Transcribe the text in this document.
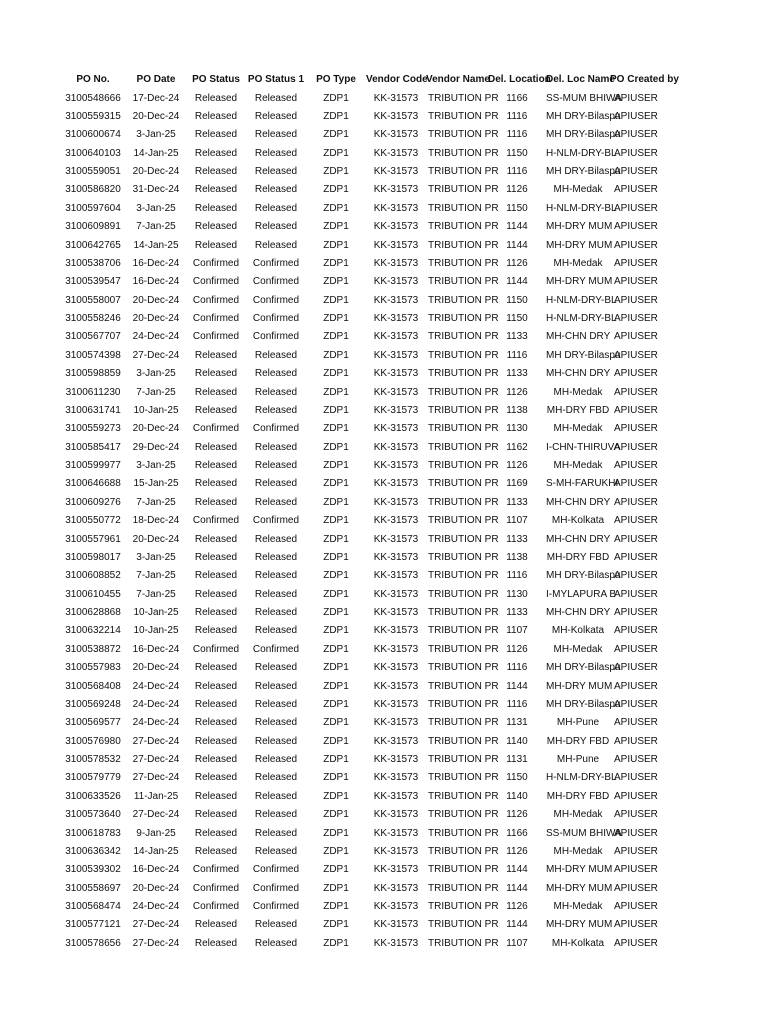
PO No.	PO Date	PO Status	PO Status 1	PO Type	Vendor Code	Vendor Name	Del. Location	Del. Loc Name	PO Created by
3100548666	17-Dec-24	Released	Released	ZDP1	KK-31573	TRIBUTION PR	1166	SS-MUM BHIWA	APIUSER
3100559315	20-Dec-24	Released	Released	ZDP1	KK-31573	TRIBUTION PR	1116	MH DRY-Bilaspu	APIUSER
3100600674	3-Jan-25	Released	Released	ZDP1	KK-31573	TRIBUTION PR	1116	MH DRY-Bilaspu	APIUSER
3100640103	14-Jan-25	Released	Released	ZDP1	KK-31573	TRIBUTION PR	1150	H-NLM-DRY-BL	APIUSER
3100559051	20-Dec-24	Released	Released	ZDP1	KK-31573	TRIBUTION PR	1116	MH DRY-Bilaspu	APIUSER
3100586820	31-Dec-24	Released	Released	ZDP1	KK-31573	TRIBUTION PR	1126	MH-Medak	APIUSER
3100597604	3-Jan-25	Released	Released	ZDP1	KK-31573	TRIBUTION PR	1150	H-NLM-DRY-BL	APIUSER
3100609891	7-Jan-25	Released	Released	ZDP1	KK-31573	TRIBUTION PR	1144	MH-DRY MUM	APIUSER
3100642765	14-Jan-25	Released	Released	ZDP1	KK-31573	TRIBUTION PR	1144	MH-DRY MUM	APIUSER
3100538706	16-Dec-24	Confirmed	Confirmed	ZDP1	KK-31573	TRIBUTION PR	1126	MH-Medak	APIUSER
3100539547	16-Dec-24	Confirmed	Confirmed	ZDP1	KK-31573	TRIBUTION PR	1144	MH-DRY MUM	APIUSER
3100558007	20-Dec-24	Confirmed	Confirmed	ZDP1	KK-31573	TRIBUTION PR	1150	H-NLM-DRY-BL	APIUSER
3100558246	20-Dec-24	Confirmed	Confirmed	ZDP1	KK-31573	TRIBUTION PR	1150	H-NLM-DRY-BL	APIUSER
3100567707	24-Dec-24	Confirmed	Confirmed	ZDP1	KK-31573	TRIBUTION PR	1133	MH-CHN DRY	APIUSER
3100574398	27-Dec-24	Released	Released	ZDP1	KK-31573	TRIBUTION PR	1116	MH DRY-Bilaspu	APIUSER
3100598859	3-Jan-25	Released	Released	ZDP1	KK-31573	TRIBUTION PR	1133	MH-CHN DRY	APIUSER
3100611230	7-Jan-25	Released	Released	ZDP1	KK-31573	TRIBUTION PR	1126	MH-Medak	APIUSER
3100631741	10-Jan-25	Released	Released	ZDP1	KK-31573	TRIBUTION PR	1138	MH-DRY FBD	APIUSER
3100559273	20-Dec-24	Confirmed	Confirmed	ZDP1	KK-31573	TRIBUTION PR	1130	MH-Medak	APIUSER
3100585417	29-Dec-24	Released	Released	ZDP1	KK-31573	TRIBUTION PR	1162	I-CHN-THIRUVA	APIUSER
3100599977	3-Jan-25	Released	Released	ZDP1	KK-31573	TRIBUTION PR	1126	MH-Medak	APIUSER
3100646688	15-Jan-25	Released	Released	ZDP1	KK-31573	TRIBUTION PR	1169	S-MH-FARUKHI	APIUSER
3100609276	7-Jan-25	Released	Released	ZDP1	KK-31573	TRIBUTION PR	1133	MH-CHN DRY	APIUSER
3100550772	18-Dec-24	Confirmed	Confirmed	ZDP1	KK-31573	TRIBUTION PR	1107	MH-Kolkata	APIUSER
3100557961	20-Dec-24	Released	Released	ZDP1	KK-31573	TRIBUTION PR	1133	MH-CHN DRY	APIUSER
3100598017	3-Jan-25	Released	Released	ZDP1	KK-31573	TRIBUTION PR	1138	MH-DRY FBD	APIUSER
3100608852	7-Jan-25	Released	Released	ZDP1	KK-31573	TRIBUTION PR	1116	MH DRY-Bilaspu	APIUSER
3100610455	7-Jan-25	Released	Released	ZDP1	KK-31573	TRIBUTION PR	1130	I-MYLAPURA B	APIUSER
3100628868	10-Jan-25	Released	Released	ZDP1	KK-31573	TRIBUTION PR	1133	MH-CHN DRY	APIUSER
3100632214	10-Jan-25	Released	Released	ZDP1	KK-31573	TRIBUTION PR	1107	MH-Kolkata	APIUSER
3100538872	16-Dec-24	Confirmed	Confirmed	ZDP1	KK-31573	TRIBUTION PR	1126	MH-Medak	APIUSER
3100557983	20-Dec-24	Released	Released	ZDP1	KK-31573	TRIBUTION PR	1116	MH DRY-Bilaspu	APIUSER
3100568408	24-Dec-24	Released	Released	ZDP1	KK-31573	TRIBUTION PR	1144	MH-DRY MUM	APIUSER
3100569248	24-Dec-24	Released	Released	ZDP1	KK-31573	TRIBUTION PR	1116	MH DRY-Bilaspu	APIUSER
3100569577	24-Dec-24	Released	Released	ZDP1	KK-31573	TRIBUTION PR	1131	MH-Pune	APIUSER
3100576980	27-Dec-24	Released	Released	ZDP1	KK-31573	TRIBUTION PR	1140	MH-DRY FBD	APIUSER
3100578532	27-Dec-24	Released	Released	ZDP1	KK-31573	TRIBUTION PR	1131	MH-Pune	APIUSER
3100579779	27-Dec-24	Released	Released	ZDP1	KK-31573	TRIBUTION PR	1150	H-NLM-DRY-BL	APIUSER
3100633526	11-Jan-25	Released	Released	ZDP1	KK-31573	TRIBUTION PR	1140	MH-DRY FBD	APIUSER
3100573640	27-Dec-24	Released	Released	ZDP1	KK-31573	TRIBUTION PR	1126	MH-Medak	APIUSER
3100618783	9-Jan-25	Released	Released	ZDP1	KK-31573	TRIBUTION PR	1166	SS-MUM BHIWA	APIUSER
3100636342	14-Jan-25	Released	Released	ZDP1	KK-31573	TRIBUTION PR	1126	MH-Medak	APIUSER
3100539302	16-Dec-24	Confirmed	Confirmed	ZDP1	KK-31573	TRIBUTION PR	1144	MH-DRY MUM	APIUSER
3100558697	20-Dec-24	Confirmed	Confirmed	ZDP1	KK-31573	TRIBUTION PR	1144	MH-DRY MUM	APIUSER
3100568474	24-Dec-24	Confirmed	Confirmed	ZDP1	KK-31573	TRIBUTION PR	1126	MH-Medak	APIUSER
3100577121	27-Dec-24	Released	Released	ZDP1	KK-31573	TRIBUTION PR	1144	MH-DRY MUM	APIUSER
3100578656	27-Dec-24	Released	Released	ZDP1	KK-31573	TRIBUTION PR	1107	MH-Kolkata	APIUSER
